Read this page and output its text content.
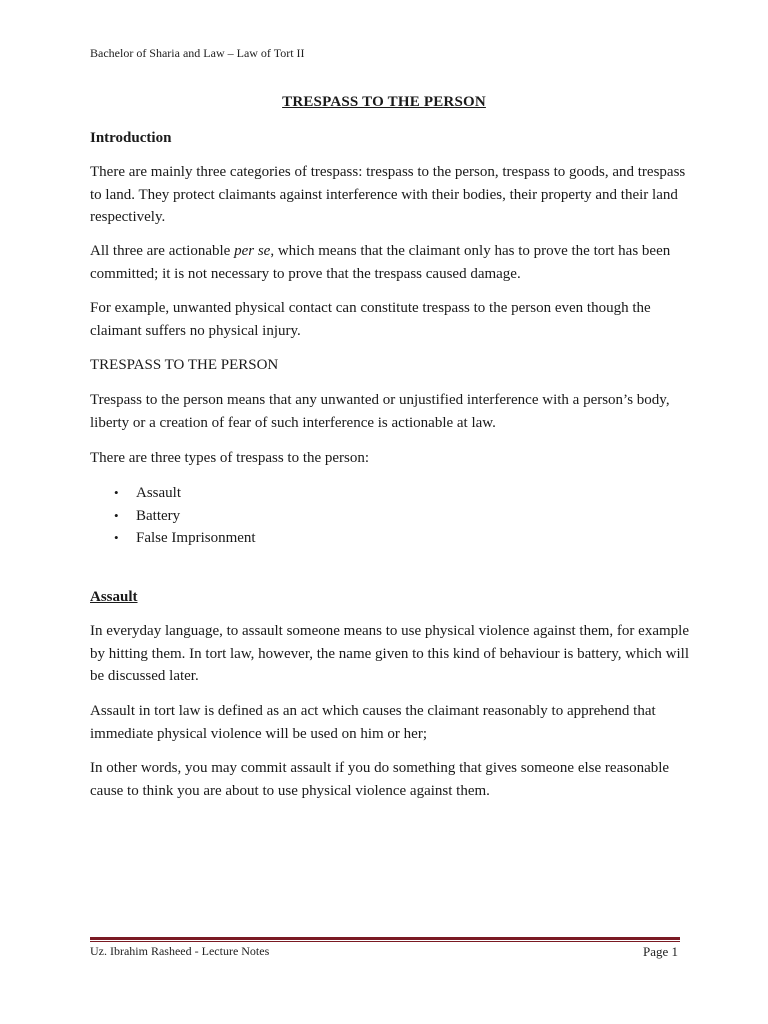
Bachelor of Sharia and Law – Law of Tort II
TRESPASS TO THE PERSON
Introduction
There are mainly three categories of trespass: trespass to the person, trespass to goods, and trespass to land. They protect claimants against interference with their bodies, their property and their land respectively.
All three are actionable per se, which means that the claimant only has to prove the tort has been committed; it is not necessary to prove that the trespass caused damage.
For example, unwanted physical contact can constitute trespass to the person even though the claimant suffers no physical injury.
TRESPASS TO THE PERSON
Trespass to the person means that any unwanted or unjustified interference with a person’s body, liberty or a creation of fear of such interference is actionable at law.
There are three types of trespass to the person:
• Assault
• Battery
• False Imprisonment
Assault
In everyday language, to assault someone means to use physical violence against them, for example by hitting them. In tort law, however, the name given to this kind of behaviour is battery, which will be discussed later.
Assault in tort law is defined as an act which causes the claimant reasonably to apprehend that immediate physical violence will be used on him or her;
In other words, you may commit assault if you do something that gives someone else reasonable cause to think you are about to use physical violence against them.
Uz. Ibrahim Rasheed - Lecture Notes	Page 1
